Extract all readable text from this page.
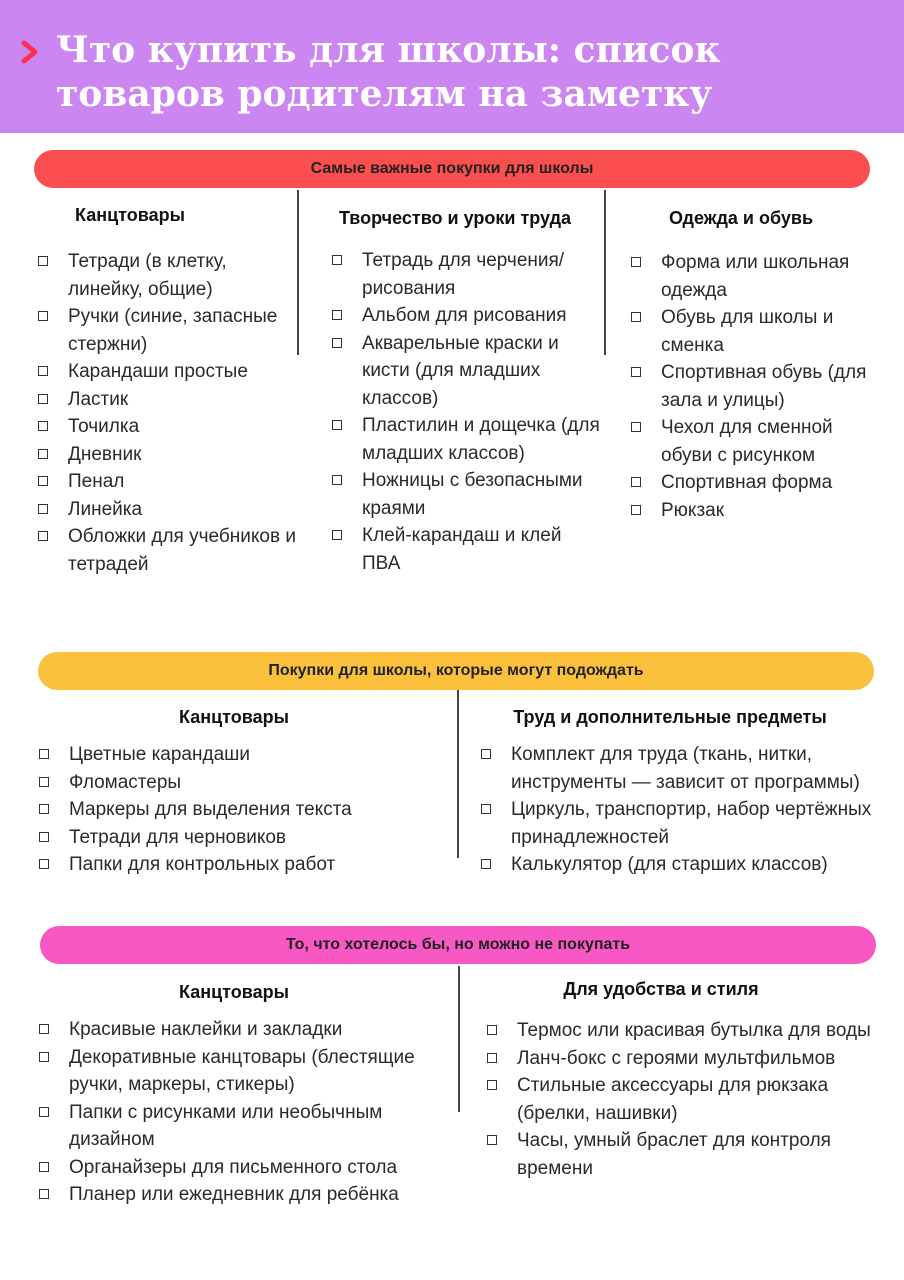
Что купить для школы: список товаров родителям на заметку
Самые важные покупки для школы
Канцтовары
Тетради (в клетку, линейку, общие)
Ручки (синие, запасные стержни)
Карандаши простые
Ластик
Точилка
Дневник
Пенал
Линейка
Обложки для учебников и тетрадей
Творчество и уроки труда
Тетрадь для черчения/ рисования
Альбом для рисования
Акварельные краски и кисти (для младших классов)
Пластилин и дощечка (для младших классов)
Ножницы с безопасными краями
Клей-карандаш и клей ПВА
Одежда и обувь
Форма или школьная одежда
Обувь для школы и сменка
Спортивная обувь (для зала и улицы)
Чехол для сменной обуви с рисунком
Спортивная форма
Рюкзак
Покупки для школы, которые могут подождать
Канцтовары
Цветные карандаши
Фломастеры
Маркеры для выделения текста
Тетради для черновиков
Папки для контрольных работ
Труд и дополнительные предметы
Комплект для труда (ткань, нитки, инструменты — зависит от программы)
Циркуль, транспортир, набор чертёжных принадлежностей
Калькулятор (для старших классов)
То, что хотелось бы, но можно не покупать
Канцтовары
Красивые наклейки и закладки
Декоративные канцтовары (блестящие ручки, маркеры, стикеры)
Папки с рисунками или необычным дизайном
Органайзеры для письменного стола
Планер или ежедневник для ребёнка
Для удобства и стиля
Термос или красивая бутылка для воды
Ланч-бокс с героями мультфильмов
Стильные аксессуары для рюкзака (брелки, нашивки)
Часы, умный браслет для контроля времени
